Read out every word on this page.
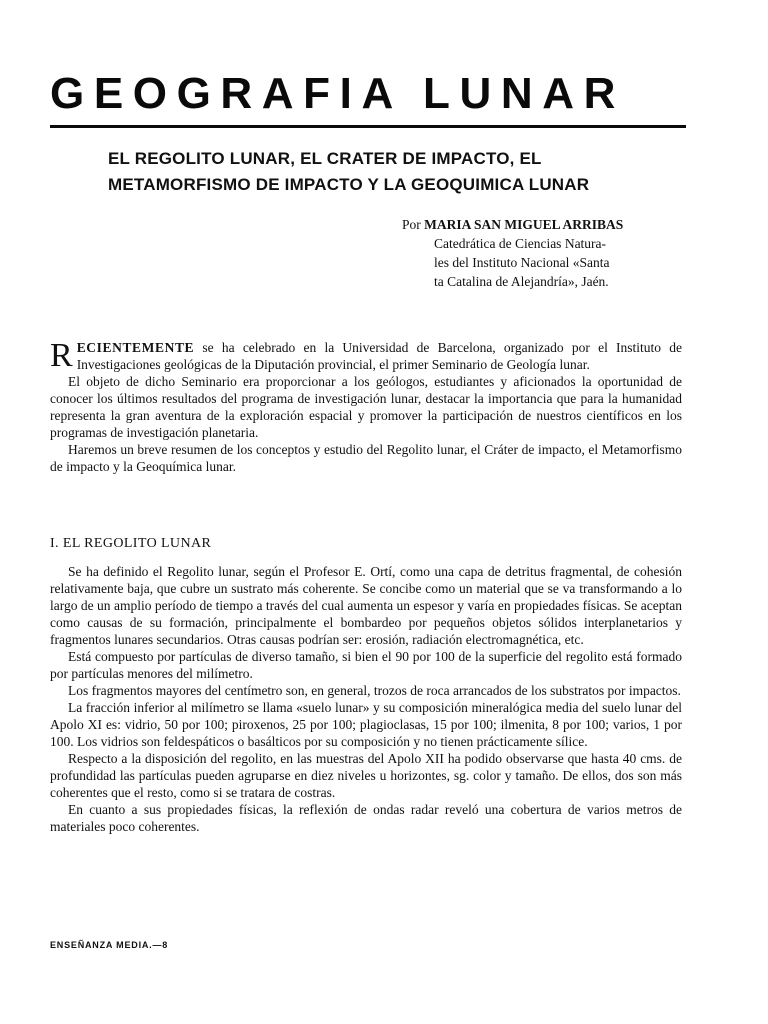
GEOGRAFIA LUNAR
EL REGOLITO LUNAR, EL CRATER DE IMPACTO, EL
METAMORFISMO DE IMPACTO Y LA GEOQUIMICA LUNAR
Por MARIA SAN MIGUEL ARRIBAS
Catedrática de Ciencias Natura-
les del Instituto Nacional «Santa
ta Catalina de Alejandría», Jaén.

RECIENTEMENTE se ha celebrado en la Universidad de Barcelona, organizado por el Instituto de Investigaciones geológicas de la Diputación provincial, el primer Seminario de Geología lunar.

El objeto de dicho Seminario era proporcionar a los geólogos, estudiantes y aficionados la oportunidad de conocer los últimos resultados del programa de investigación lunar, destacar la importancia que para la humanidad representa la gran aventura de la exploración espacial y promover la participación de nuestros científicos en los programas de investigación planetaria.

Haremos un breve resumen de los conceptos y estudio del Regolito lunar, el Cráter de impacto, el Metamorfismo de impacto y la Geoquímica lunar.

I. EL REGOLITO LUNAR

Se ha definido el Regolito lunar, según el Profesor E. Ortí, como una capa de detritus fragmental, de cohesión relativamente baja, que cubre un sustrato más coherente. Se concibe como un material que se va transformando a lo largo de un amplio período de tiempo a través del cual aumenta un espesor y varía en propiedades físicas. Se aceptan como causas de su formación, principalmente el bombardeo por pequeños objetos sólidos interplanetarios y fragmentos lunares secundarios. Otras causas podrían ser: erosión, radiación electromagnética, etc.

Está compuesto por partículas de diverso tamaño, si bien el 90 por 100 de la superficie del regolito está formado por partículas menores del milímetro.

Los fragmentos mayores del centímetro son, en general, trozos de roca arrancados de los substratos por impactos.

La fracción inferior al milímetro se llama «suelo lunar» y su composición mineralógica media del suelo lunar del Apolo XI es: vidrio, 50 por 100; piroxenos, 25 por 100; plagioclasas, 15 por 100; ilmenita, 8 por 100; varios, 1 por 100. Los vidrios son feldespáticos o basálticos por su composición y no tienen prácticamente sílice.

Respecto a la disposición del regolito, en las muestras del Apolo XII ha podido observarse que hasta 40 cms. de profundidad las partículas pueden agruparse en diez niveles u horizontes, sg. color y tamaño. De ellos, dos son más coherentes que el resto, como si se tratara de costras.

En cuanto a sus propiedades físicas, la reflexión de ondas radar reveló una cobertura de varios metros de materiales poco coherentes.

ENSEÑANZA MEDIA.—8
